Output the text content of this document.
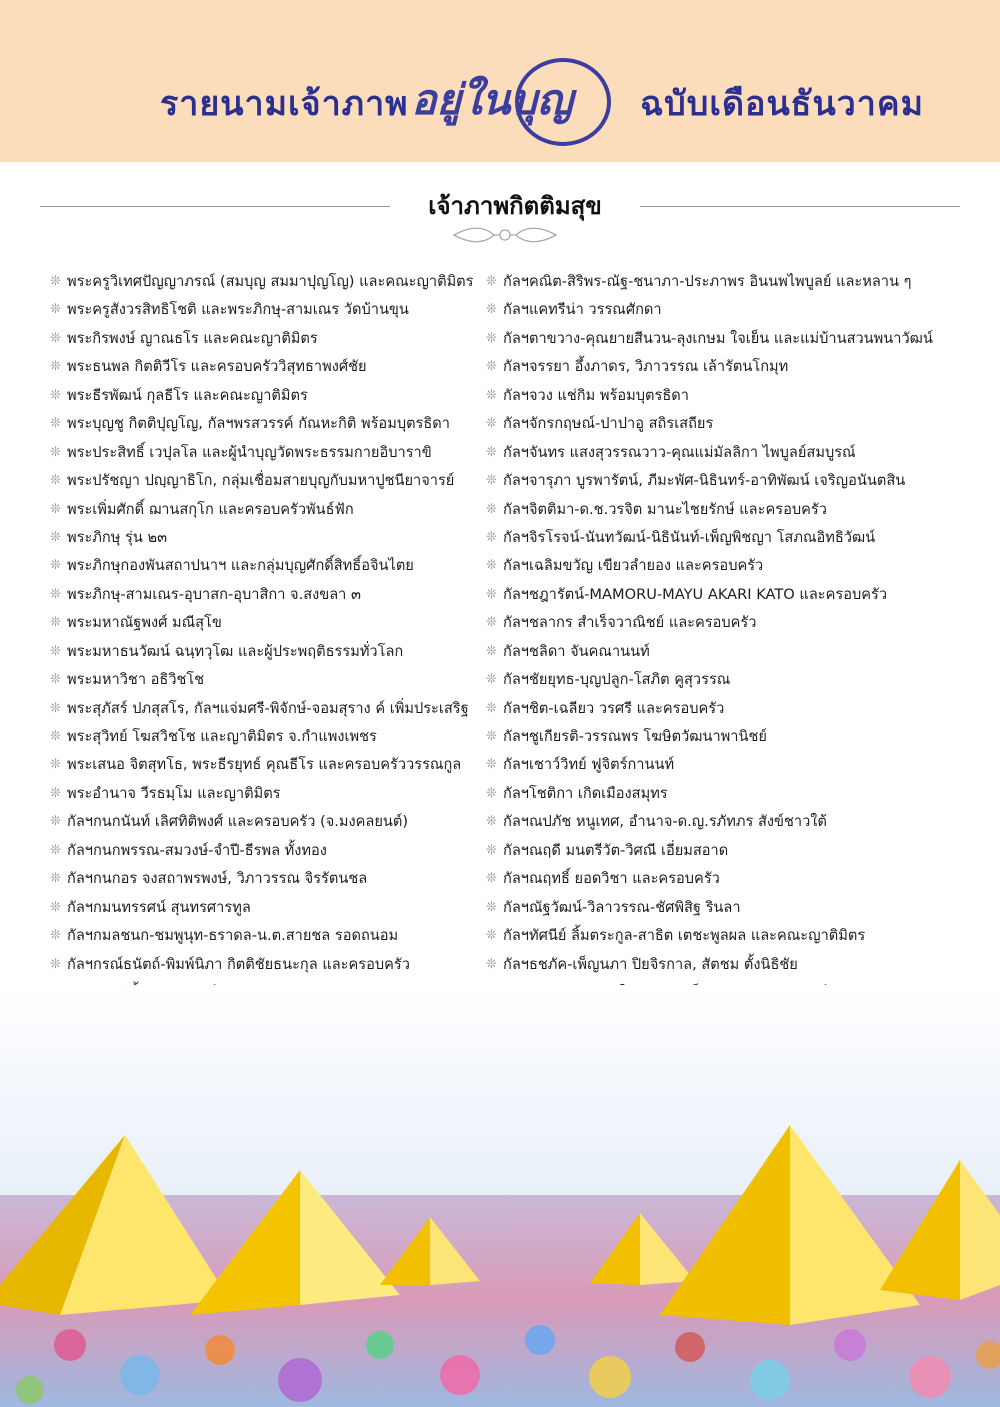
รายนามเจ้าภาพ อยู่ในบุญ ฉบับเดือนธันวาคม
เจ้าภาพกิตติมสุข
❊ พระครูวิเทศปัญญาภรณ์ (สมบุญ สมมาปุญโญ) และคณะญาติมิตร
❊ พระครูสังวรสิทธิโชติ และพระภิกษุ-สามเณร วัดบ้านขุน
❊ พระกิรพงษ์ ญาณธโร และคณะญาติมิตร
❊ พระธนพล กิตติวีโร และครอบครัววิสุทธาพงศ์ชัย
❊ พระธีรพัฒน์ กุลธีโร และคณะญาติมิตร
❊ พระบุญชู กิตติปุญโญ, กัลฯพรสวรรค์ กัณหะกิติ พร้อมบุตรธิดา
❊ พระประสิทธิ์ เวปุลโล และผู้นำบุญวัดพระธรรมกายอิบาราขิ
❊ พระปรัชญา ปญฺญาธิโก, กลุ่มเชื่อมสายบุญกับมหาปูชนียาจารย์
❊ พระเพิ่มศักดิ์ ฌานสกุโก และครอบครัวพันธ์ฟัก
❊ พระภิกษุ รุ่น ๒๓
❊ พระภิกษุกองพันสถาปนาฯ และกลุ่มบุญศักดิ์สิทธิ์อจินไตย
❊ พระภิกษุ-สามเณร-อุบาสก-อุบาสิกา จ.สงขลา ๓
❊ พระมหาณัฐพงศ์ มณีสุโข
❊ พระมหาธนวัฒน์ ฉนฺทวุโฒ และผู้ประพฤติธรรมทั่วโลก
❊ พระมหาวิชา อธิวิชโช
❊ พระสุภัสร์ ปภสุสโร, กัลฯแจ่มศรี-พิจักษ์-จอมสุราง ค์ เพิ่มประเสริฐ
❊ พระสุวิทย์ โฆสวิชโช และญาติมิตร จ.กำแพงเพชร
❊ พระเสนอ จิตสุทโธ, พระธีรยุทธ์ คุณธีโร และครอบครัววรรณกูล
❊ พระอำนาจ วีรธมฺโม และญาติมิตร
❊ กัลฯกนกนันท์ เลิศทิติพงศ์ และครอบครัว (จ.มงคลยนต์)
❊ กัลฯกนกพรรณ-สมวงษ์-จำปี-ธีรพล ทั้งทอง
❊ กัลฯกนกอร จงสถาพรพงษ์, วิภาวรรณ จิรรัตนชล
❊ กัลฯกมนทรรศน์ สุนทรศารทูล
❊ กัลฯกมลชนก-ชมพูนุท-ธราดล-น.ต.สายชล รอดถนอม
❊ กัลฯกรณ์ธนัตถ์-พิมพ์นิภา กิตติชัยธนะกุล และครอบครัว
❊ กัลฯคณิต-สิริพร-ณัฐ-ชนาภา-ประภาพร อินนพไพบูลย์ และหลาน ๆ
❊ กัลฯแคทรีน่า วรรณศักดา
❊ กัลฯตาขวาง-คุณยายสีนวน-ลุงเกษม ใจเย็น และแม่บ้านสวนพนาวัฒน์
❊ กัลฯจรรยา อึ้งภาดร, วิภาวรรณ เล้ารัตนโกมุท
❊ กัลฯจวง แช่กิม พร้อมบุตรธิดา
❊ กัลฯจักรกฤษณ์-ปาปาอู สถิรเสถียร
❊ กัลฯจันทร แสงสุวรรณวาว-คุณแม่มัลลิกา ไพบูลย์สมบูรณ์
❊ กัลฯจารุภา บูรพารัตน์, ภีมะพัศ-นิธินทร์-อาทิพัฒน์ เจริญอนันตสิน
❊ กัลฯจิตติมา-ด.ช.วรจิต มานะไชยรักษ์ และครอบครัว
❊ กัลฯจิรโรจน์-นันทวัฒน์-นิธินันท์-เพ็ญพิชญา โสภณอิทธิวัฒน์
❊ กัลฯเฉลิมขวัญ เขียวลำยอง และครอบครัว
❊ กัลฯชฎารัตน์-MAMORU-MAYU AKARI KATO และครอบครัว
❊ กัลฯชลากร สำเร็จวาณิชย์ และครอบครัว
❊ กัลฯชลิดา จันคณานนท์
❊ กัลฯชัยยุทธ-บุญปลูก-โสภิต คูสุวรรณ
❊ กัลฯชิต-เฉลียว วรศรี และครอบครัว
❊ กัลฯชูเกียรติ-วรรณพร โฆษิตวัฒนาพานิชย์
❊ กัลฯเชาว์วิทย์ ฟูจิตร์กานนท์
❊ กัลฯโชติกา เกิดเมืองสมุทร
❊ กัลฯณปภัช หนูเทศ, อำนาจ-ด.ญ.รภัทภร สังข์ชาวใต้
❊ กัลฯณฤดี มนตรีวัต-วิศณี เอี่ยมสอาด
❊ กัลฯณฤทธิ์ ยอดวิชา และครอบครัว
❊ กัลฯณัฐวัฒน์-วิลาวรรณ-ชัศพิสิฐ รินลา
❊ กัลฯทัศนีย์ ลิ้มตระกูล-สาธิต เตชะพูลผล และคณะญาติมิตร
❊ กัลฯธชภัค-เพ็ญนภา ปิยจิรกาล, สัตชม ตั้งนิธิชัย
